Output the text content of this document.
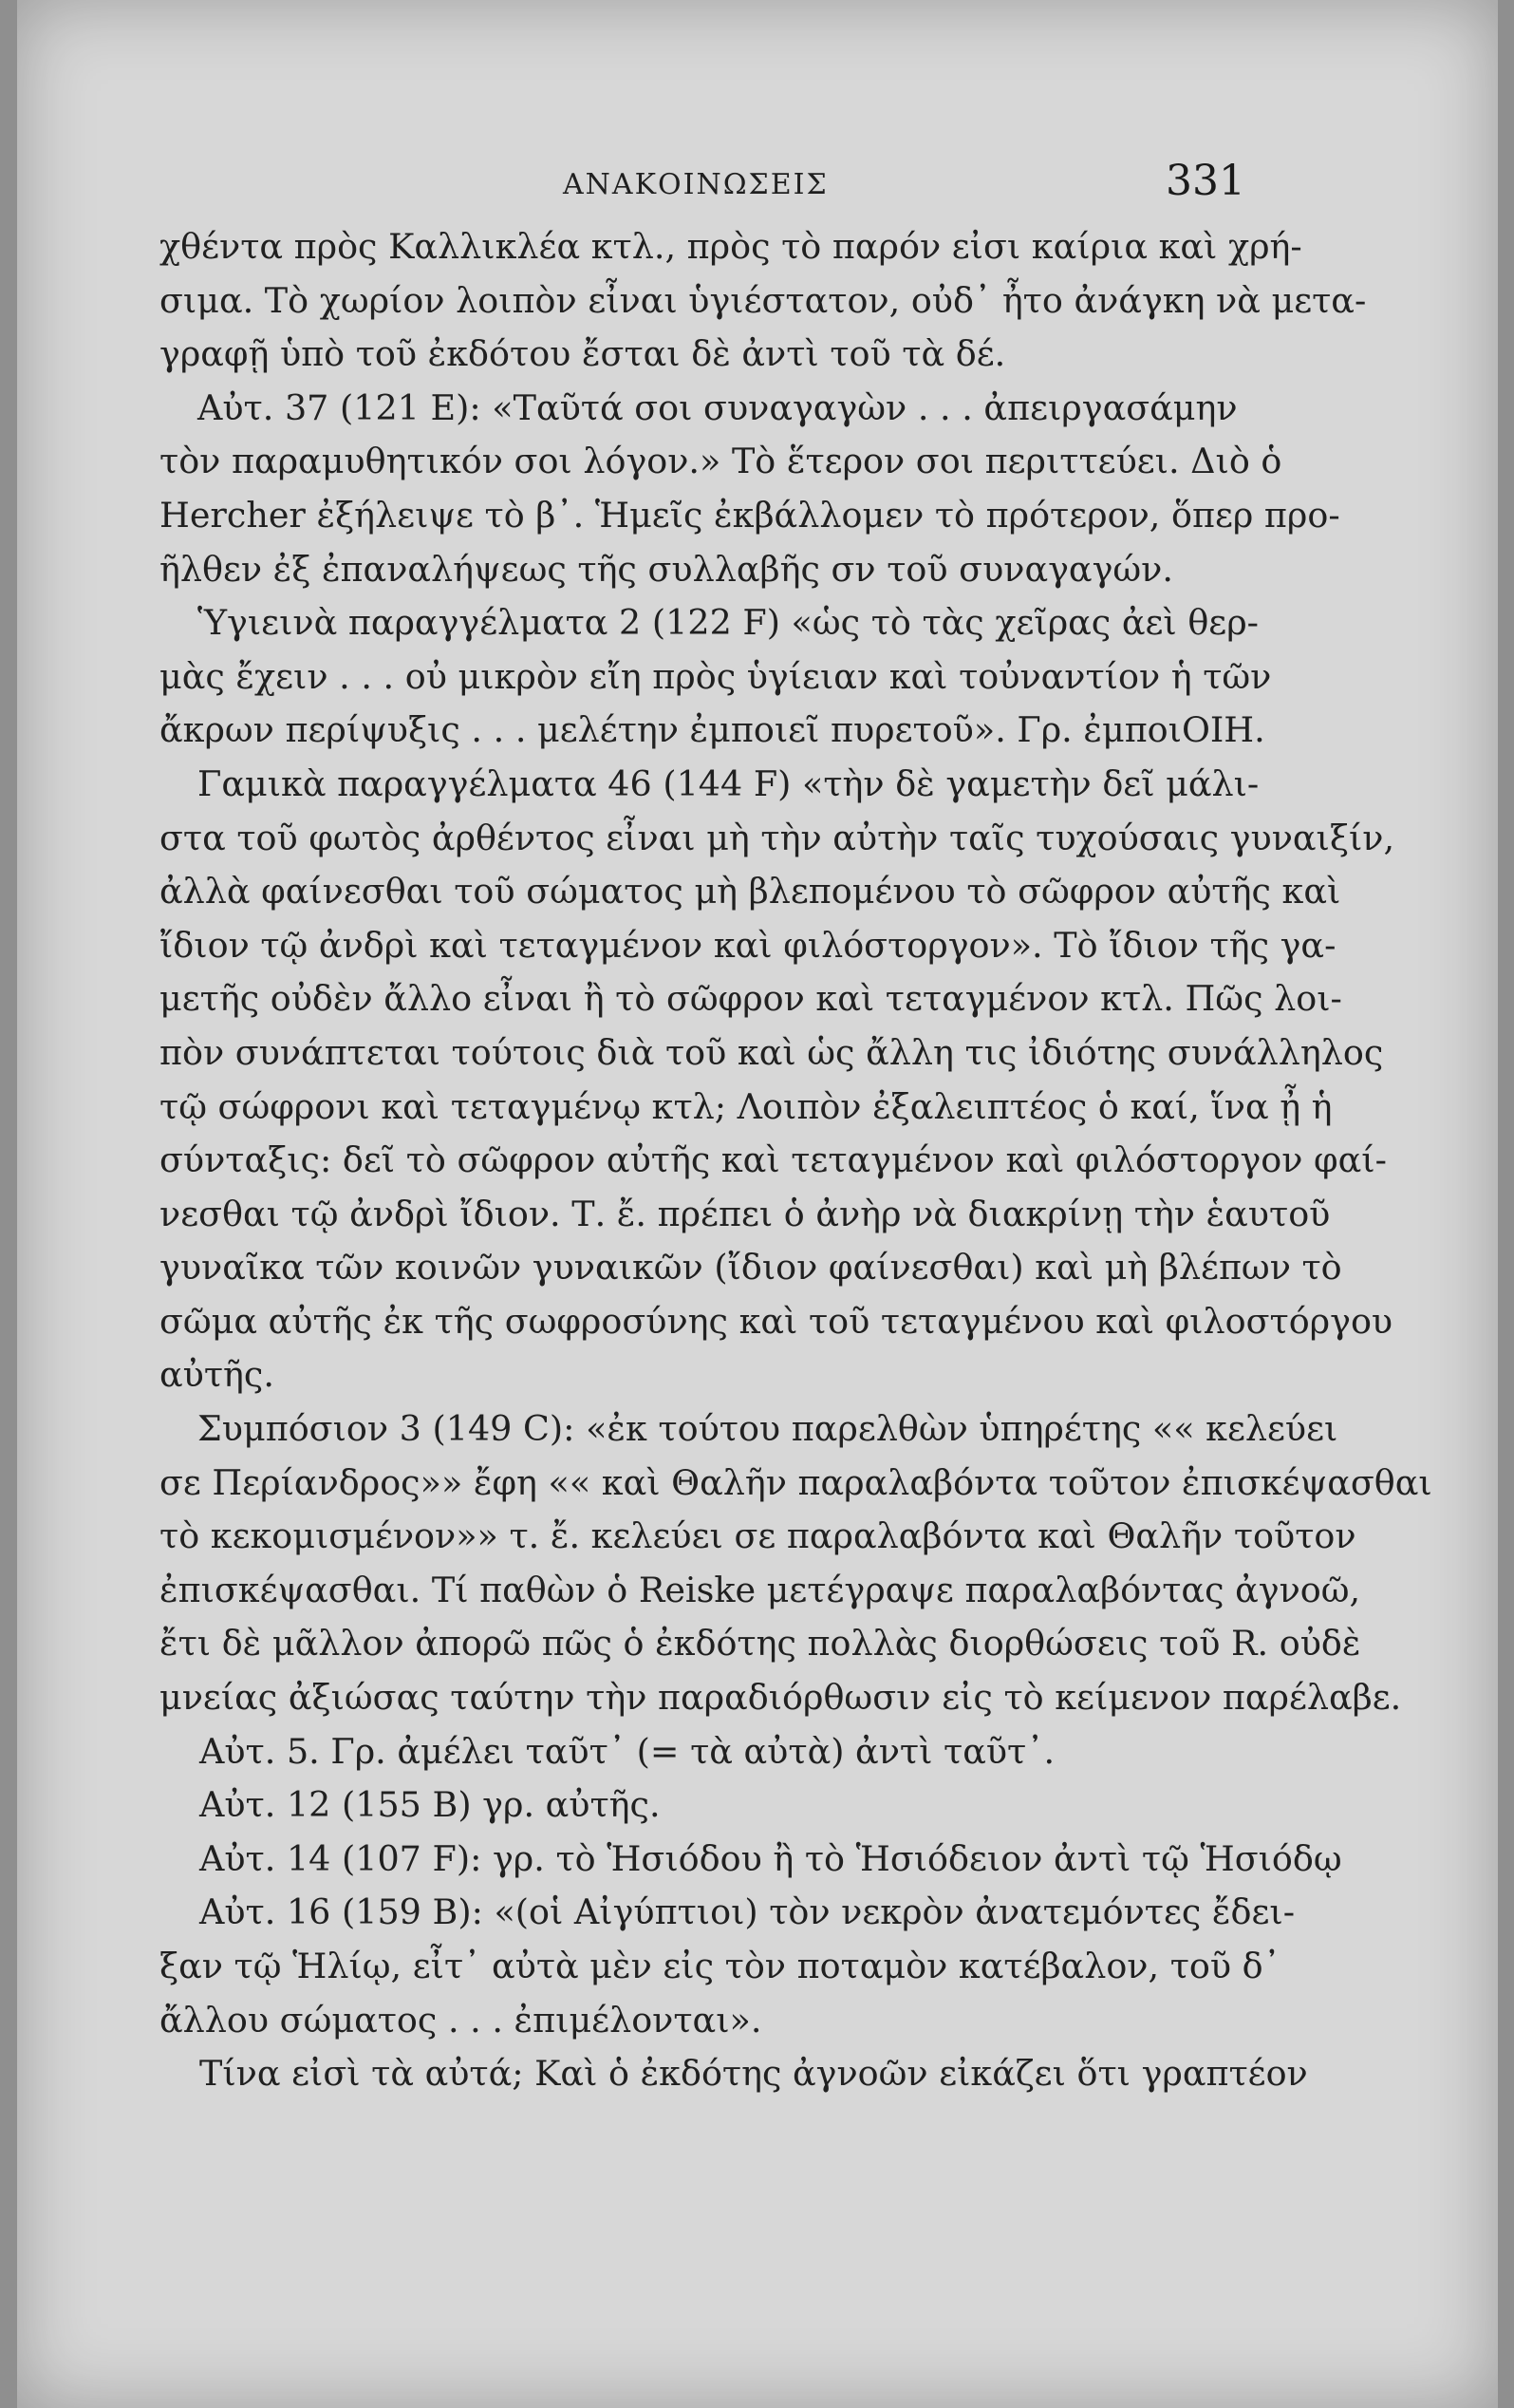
ΑΝΑΚΟΙΝΩΣΕΙΣ	331
χθέντα πρὸς Καλλικλέα κτλ., πρὸς τὸ παρόν εἰσι καίρια καὶ χρή-
σιμα. Τὸ χωρίον λοιπὸν εἶναι ὑγιέστατον, οὐδ᾽ ἦτο ἀνάγκη νὰ μετα-
γραφῇ ὑπὸ τοῦ ἐκδότου ἔσται δὲ ἀντὶ τοῦ τὰ δέ.
Αὐτ. 37 (121 E): «Ταῦτά σοι συναγαγὼν . . . ἀπειργασάμην
τὸν παραμυθητικόν σοι λόγον.» Τὸ ἕτερον σοι περιττεύει. Διὸ ὁ
Hercher ἐξήλειψε τὸ β᾽. Ἡμεῖς ἐκβάλλομεν τὸ πρότερον, ὅπερ προ-
ῆλθεν ἐξ ἐπαναλήψεως τῆς συλλαβῆς σν τοῦ συναγαγών.
Ὑγιεινὰ παραγγέλματα 2 (122 F) «ὡς τὸ τὰς χεῖρας ἀεὶ θερ-
μὰς ἔχειν . . . οὐ μικρὸν εἴη πρὸς ὑγίειαν καὶ τοὐναντίον ἡ τῶν
ἄκρων περίψυξις . . . μελέτην ἐμποιεῖ πυρετοῦ». Γρ. ἐμποιΟΙΗ.
Γαμικὰ παραγγέλματα 46 (144 F) «τὴν δὲ γαμετὴν δεῖ μάλι-
στα τοῦ φωτὸς ἀρθέντος εἶναι μὴ τὴν αὐτὴν ταῖς τυχούσαις γυναιξίν,
ἀλλὰ φαίνεσθαι τοῦ σώματος μὴ βλεπομένου τὸ σῶφρον αὐτῆς καὶ
ἴδιον τῷ ἀνδρὶ καὶ τεταγμένον καὶ φιλόστοργον». Τὸ ἴδιον τῆς γα-
μετῆς οὐδὲν ἄλλο εἶναι ἢ τὸ σῶφρον καὶ τεταγμένον κτλ. Πῶς λοι-
πὸν συνάπτεται τούτοις διὰ τοῦ καὶ ὡς ἄλλη τις ἰδιότης συνάλληλος
τῷ σώφρονι καὶ τεταγμένῳ κτλ; Λοιπὸν ἐξαλειπτέος ὁ καί, ἵνα ᾖ ἡ
σύνταξις: δεῖ τὸ σῶφρον αὐτῆς καὶ τεταγμένον καὶ φιλόστοργον φαί-
νεσθαι τῷ ἀνδρὶ ἴδιον. Τ. ἔ. πρέπει ὁ ἀνὴρ νὰ διακρίνῃ τὴν ἑαυτοῦ
γυναῖκα τῶν κοινῶν γυναικῶν (ἴδιον φαίνεσθαι) καὶ μὴ βλέπων τὸ
σῶμα αὐτῆς ἐκ τῆς σωφροσύνης καὶ τοῦ τεταγμένου καὶ φιλοστόργου
αὐτῆς.
Συμπόσιον 3 (149 C): «ἐκ τούτου παρελθὼν ὑπηρέτης «« κελεύει
σε Περίανδρος»» ἔφη «« καὶ Θαλῆν παραλαβόντα τοῦτον ἐπισκέψασθαι
τὸ κεκομισμένον»» τ. ἔ. κελεύει σε παραλαβόντα καὶ Θαλῆν τοῦτον
ἐπισκέψασθαι. Τί παθὼν ὁ Reiske μετέγραψε παραλαβόντας ἀγνοῶ,
ἔτι δὲ μᾶλλον ἀπορῶ πῶς ὁ ἐκδότης πολλὰς διορθώσεις τοῦ R. οὐδὲ
μνείας ἀξιώσας ταύτην τὴν παραδιόρθωσιν εἰς τὸ κείμενον παρέλαβε.
Αὐτ. 5. Γρ. ἀμέλει ταῦτ᾽ (= τὰ αὐτὰ) ἀντὶ ταῦτ᾽.
Αὐτ. 12 (155 B) γρ. αὐτῆς.
Αὐτ. 14 (107 F): γρ. τὸ Ἡσιόδου ἢ τὸ Ἡσιόδειον ἀντὶ τῷ Ἡσιόδῳ
Αὐτ. 16 (159 B): «(οἱ Αἰγύπτιοι) τὸν νεκρὸν ἀνατεμόντες ἔδει-
ξαν τῷ Ἡλίῳ, εἶτ᾽ αὐτὰ μὲν εἰς τὸν ποταμὸν κατέβαλον, τοῦ δ᾽
ἄλλου σώματος . . . ἐπιμέλονται».
Τίνα εἰσὶ τὰ αὐτά; Καὶ ὁ ἐκδότης ἀγνοῶν εἰκάζει ὅτι γραπτέον
